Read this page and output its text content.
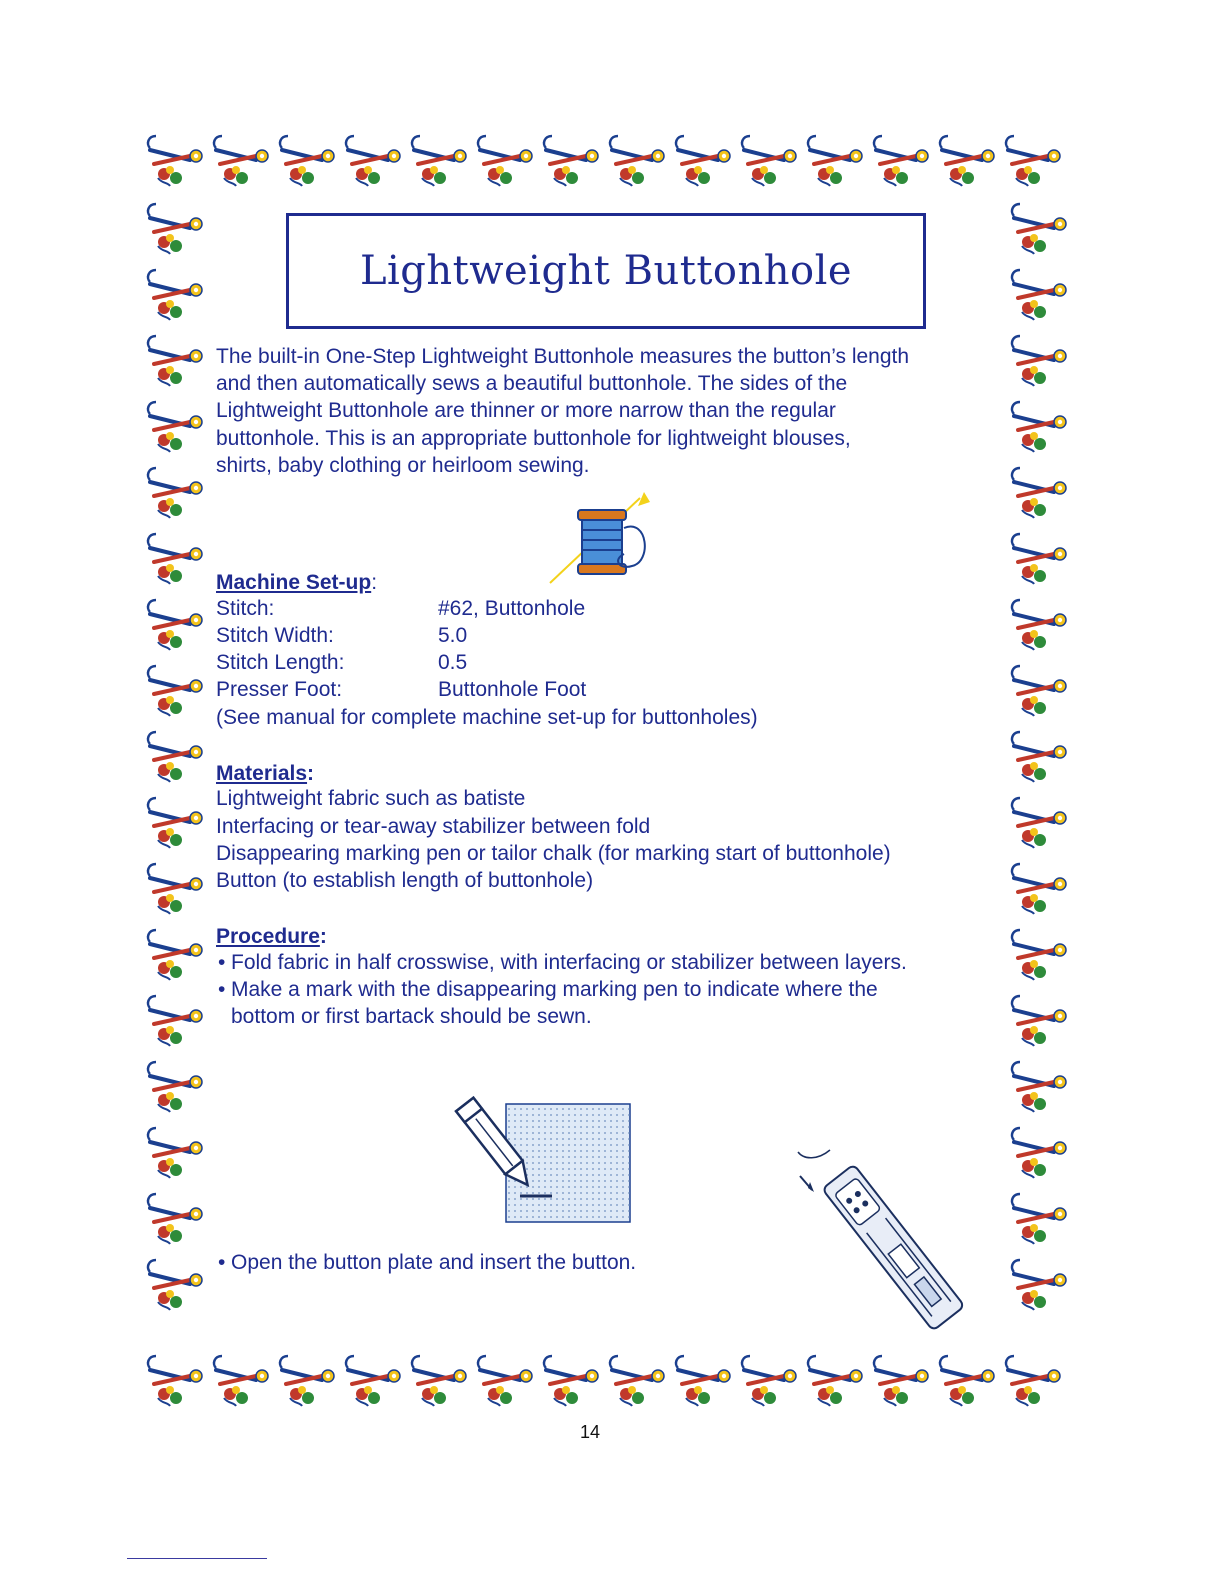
Lightweight Buttonhole
The built-in One-Step Lightweight Buttonhole measures the button’s length
and then automatically sews a beautiful buttonhole. The sides of the
Lightweight Buttonhole are thinner or more narrow than the regular
buttonhole. This is an appropriate buttonhole for lightweight blouses,
shirts, baby clothing or heirloom sewing.
Machine Set-up:
Stitch:	#62, Buttonhole
Stitch Width:	5.0
Stitch Length:	0.5
Presser Foot:	Buttonhole Foot
(See manual for complete machine set-up for buttonholes)
Materials:
Lightweight fabric such as batiste
Interfacing or tear-away stabilizer between fold
Disappearing marking pen or tailor chalk (for marking start of buttonhole)
Button (to establish length of buttonhole)
Procedure:
• Fold fabric in half crosswise, with interfacing or stabilizer between layers.
• Make a mark with the disappearing marking pen to indicate where the
bottom or first bartack should be sewn.
• Open the button plate and insert the button.
14
